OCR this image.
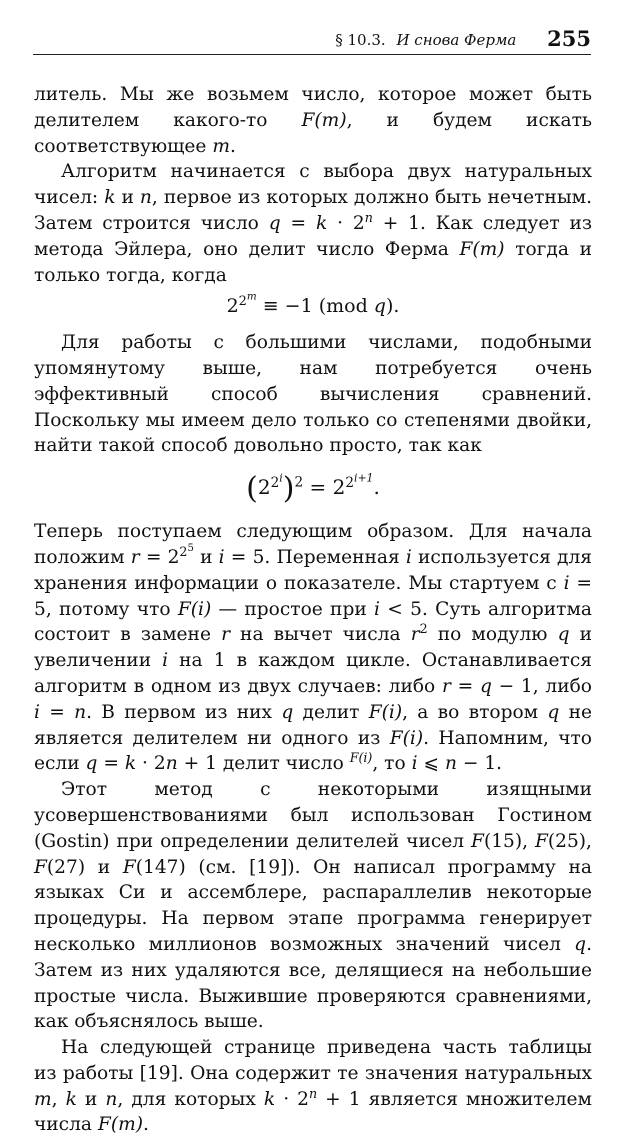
§ 10.3. И снова Ферма 255

литель. Мы же возьмем число, которое может быть делителем какого-то F(m), и будем искать соответствующее m.

Алгоритм начинается с выбора двух натуральных чисел: k и n, первое из которых должно быть нечетным. Затем строится число $q = k \cdot 2^n + 1$. Как следует из метода Эйлера, оно делит число Ферма F(m) тогда и только тогда, когда

$2^{2^m} \equiv -1$ (mod q).

Для работы с большими числами, подобными упомянутому выше, нам потребуется очень эффективный способ вычисления сравнений. Поскольку мы имеем дело только со степенями двойки, найти такой способ довольно просто, так как

$(2^{2^i})^2 = 2^{2^{i+1}}$.

Теперь поступаем следующим образом. Для начала положим $r = 2^{2^5}$ и i = 5. Переменная i используется для хранения информации о показателе. Мы стартуем с i = 5, потому что F(i) — простое при i < 5. Суть алгоритма состоит в замене r на вычет числа $r^2$ по модулю q и увеличении i на 1 в каждом цикле. Останавливается алгоритм в одном из двух случаев: либо r = q − 1, либо i = n. В первом из них q делит F(i), а во втором q не является делителем ни одного из F(i). Напомним, что если q = k · 2n + 1 делит число $^{F(i)}$, то i ⩽ n − 1.

Этот метод с некоторыми изящными усовершенствованиями был использован Гостином (Gostin) при определении делителей чисел F(15), F(25), F(27) и F(147) (см. [19]). Он написал программу на языках Си и ассемблере, распараллелив некоторые процедуры. На первом этапе программа генерирует несколько миллионов возможных значений чисел q. Затем из них удаляются все, делящиеся на небольшие простые числа. Выжившие проверяются сравнениями, как объяснялось выше.

На следующей странице приведена часть таблицы из работы [19]. Она содержит те значения натуральных m, k и n, для которых $k \cdot 2^n + 1$ является множителем числа F(m).
